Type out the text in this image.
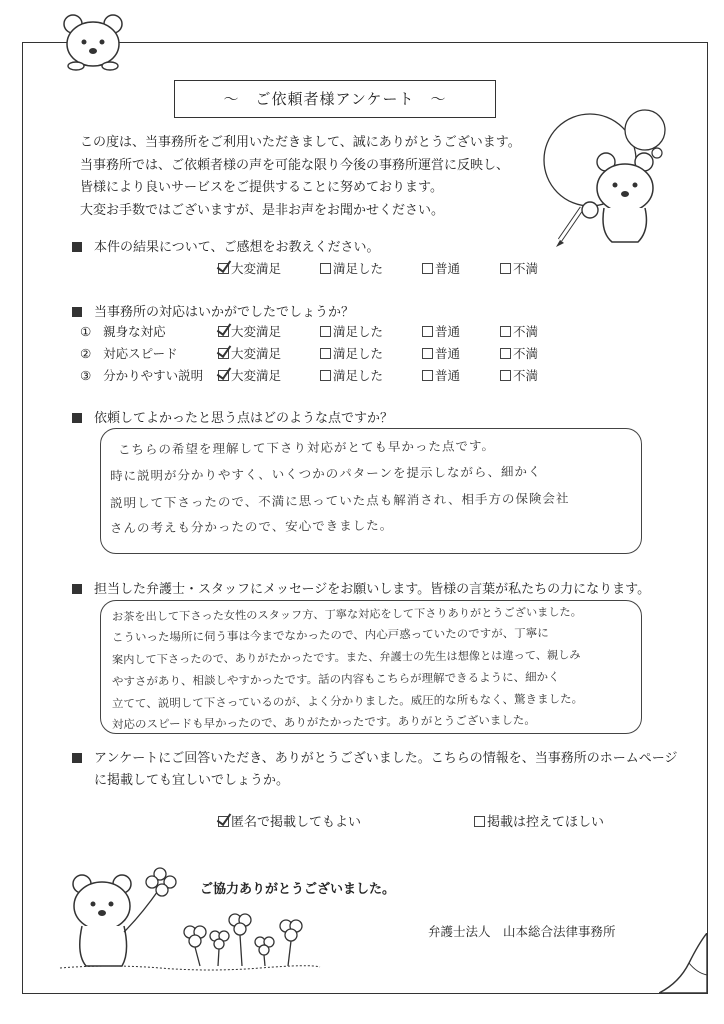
～　ご依頼者様アンケート　～
この度は、当事務所をご利用いただきまして、誠にありがとうございます。
当事務所では、ご依頼者様の声を可能な限り今後の事務所運営に反映し、
皆様により良いサービスをご提供することに努めております。
大変お手数ではございますが、是非お声をお聞かせください。
本件の結果について、ご感想をお教えください。
大変満足	満足した	普通	不満
当事務所の対応はいかがでしたでしょうか？
① 親身な対応	大変満足	満足した	普通	不満
② 対応スピード	大変満足	満足した	普通	不満
③ 分かりやすい説明	大変満足	満足した	普通	不満
依頼してよかったと思う点はどのような点ですか？
こちらの希望を理解して下さり対応がとても早かった点です。
時に説明が分かりやすく、いくつかのパターンを提示しながら、細かく
説明して下さったので、不満に思っていた点も解消され、相手方の保険会社
さんの考えも分かったので、安心できました。
担当した弁護士・スタッフにメッセージをお願いします。皆様の言葉が私たちの力になります。
お茶を出して下さった女性のスタッフ方、丁寧な対応をして下さりありがとうございました。
こういった場所に伺う事は今までなかったので、内心戸惑っていたのですが、丁寧に
案内して下さったので、ありがたかったです。また、弁護士の先生は想像とは違って、親しみ
やすさがあり、相談しやすかったです。話の内容もこちらが理解できるように、細かく
立てて、説明して下さっているのが、よく分かりました。威圧的な所もなく、驚きました。
対応のスピードも早かったので、ありがたかったです。ありがとうございました。
アンケートにご回答いただき、ありがとうございました。こちらの情報を、当事務所のホームページ
に掲載しても宜しいでしょうか。
匿名で掲載してもよい	掲載は控えてほしい
ご協力ありがとうございました。
弁護士法人　山本総合法律事務所
